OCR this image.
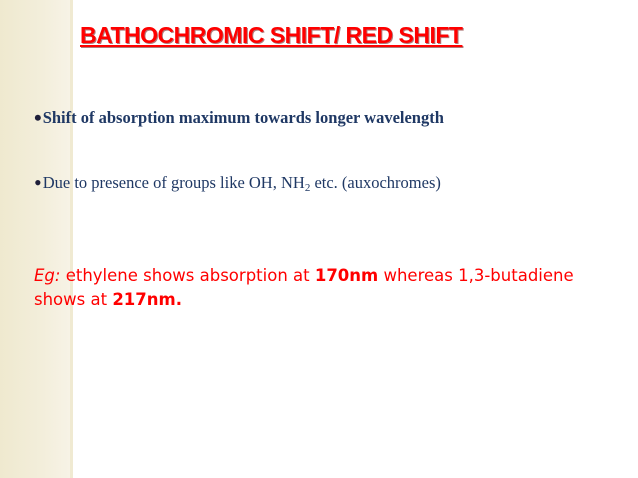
BATHOCHROMIC SHIFT/ RED SHIFT
•Shift of absorption maximum towards longer wavelength
•Due to presence of groups like OH, $NH_2$ etc. (auxochromes)
Eg: ethylene shows absorption at 170nm whereas 1,3-butadiene shows at 217nm.
